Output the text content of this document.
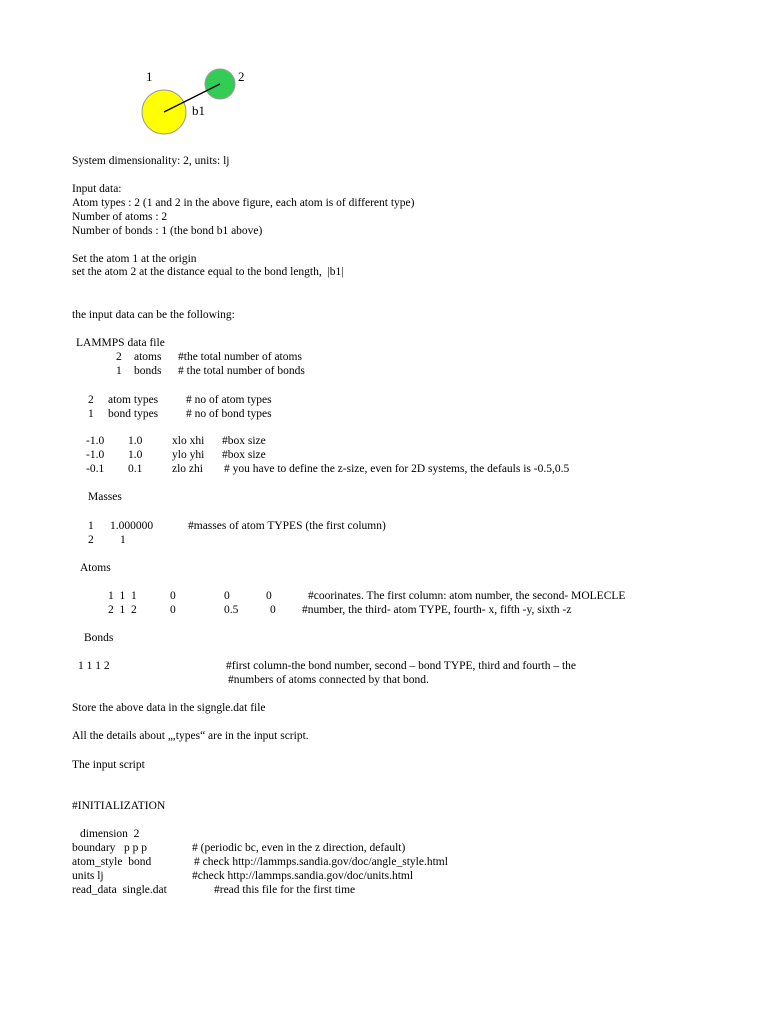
1	2
b1
System dimensionality: 2, units: lj
Input data:
Atom types : 2 (1 and 2 in the above figure, each atom is of different type)
Number of atoms : 2
Number of bonds : 1 (the bond b1 above)
Set the atom 1 at the origin
set the atom 2 at the distance equal to the bond length,  |b1|
the input data can be the following:
LAMMPS data file
2 atoms #the total number of atoms
1 bonds # the total number of bonds
2 atom types # no of atom types
1 bond types # no of bond types
-1.0 1.0	xlo xhi #box size
-1.0 1.0	ylo yhi #box size
-0.1 0.1	zlo zhi # you have to define the z-size, even for 2D systems, the defauls is -0.5,0.5
Masses
1 1.000000	#masses of atom TYPES (the first column)
2 1
Atoms
1  1  1	0	0	0	#coorinates. The first column: atom number, the second- MOLECLE
2  1  2	0	0.5	0 #number, the third- atom TYPE, fourth- x, fifth -y, sixth -z
Bonds
1 1 1 2	#first column-the bond number, second – bond TYPE, third and fourth – the
#numbers of atoms connected by that bond.
Store the above data in the signgle.dat file
All the details about „,types“ are in the input script.
The input script
#INITIALIZATION
dimension  2
boundary   p p p	# (periodic bc, even in the z direction, default)
atom_style  bond	# check http://lammps.sandia.gov/doc/angle_style.html
units lj	#check http://lammps.sandia.gov/doc/units.html
read_data  single.dat	#read this file for the first time
